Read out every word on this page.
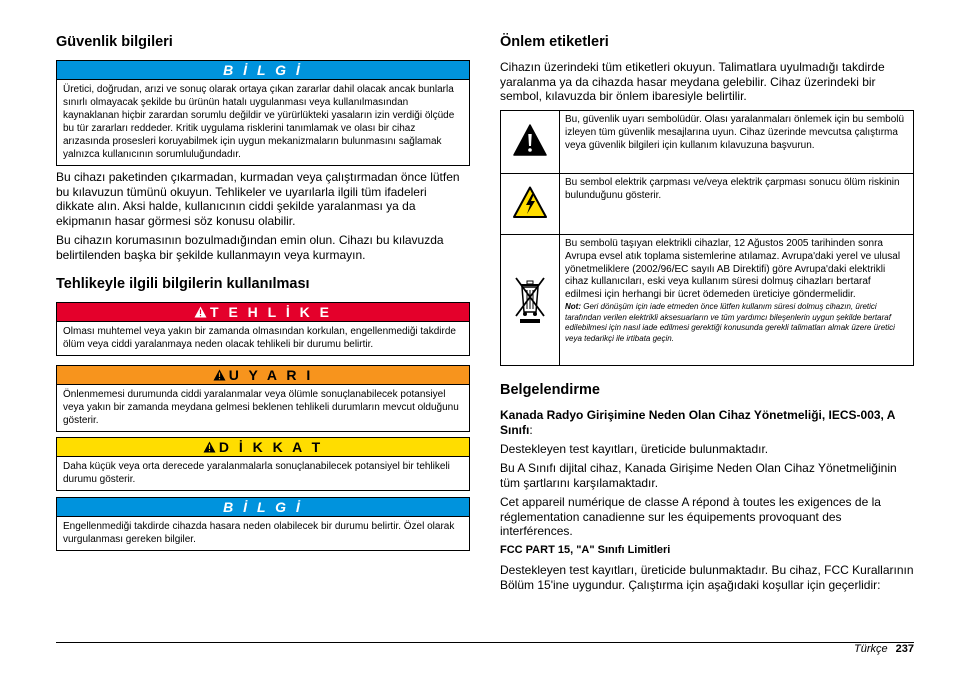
Güvenlik bilgileri
B İ L G İ
Üretici, doğrudan, arızi ve sonuç olarak ortaya çıkan zararlar dahil olacak ancak bunlarla sınırlı olmayacak şekilde bu ürünün hatalı uygulanması veya kullanılmasından kaynaklanan hiçbir zarardan sorumlu değildir ve yürürlükteki yasaların izin verdiği ölçüde bu tür zararları reddeder. Kritik uygulama risklerini tanımlamak ve olası bir cihaz arızasında prosesleri koruyabilmek için uygun mekanizmaların bulunmasını sağlamak yalnızca kullanıcının sorumluluğundadır.

Bu cihazı paketinden çıkarmadan, kurmadan veya çalıştırmadan önce lütfen bu kılavuzun tümünü okuyun. Tehlikeler ve uyarılarla ilgili tüm ifadeleri dikkate alın. Aksi halde, kullanıcının ciddi şekilde yaralanması ya da ekipmanın hasar görmesi söz konusu olabilir.

Bu cihazın korumasının bozulmadığından emin olun. Cihazı bu kılavuzda belirtilenden başka bir şekilde kullanmayın veya kurmayın.

Tehlikeyle ilgili bilgilerin kullanılması
T E H L İ K E
Olması muhtemel veya yakın bir zamanda olmasından korkulan, engellenmediği takdirde ölüm veya ciddi yaralanmaya neden olacak tehlikeli bir durumu belirtir.
U Y A R I
Önlenmemesi durumunda ciddi yaralanmalar veya ölümle sonuçlanabilecek potansiyel veya yakın bir zamanda meydana gelmesi beklenen tehlikeli durumların mevcut olduğunu gösterir.
D İ K K A T
Daha küçük veya orta derecede yaralanmalarla sonuçlanabilecek potansiyel bir tehlikeli durumu gösterir.
B İ L G İ
Engellenmediği takdirde cihazda hasara neden olabilecek bir durumu belirtir. Özel olarak vurgulanması gereken bilgiler.
Önlem etiketleri

Cihazın üzerindeki tüm etiketleri okuyun. Talimatlara uyulmadığı takdirde yaralanma ya da cihazda hasar meydana gelebilir. Cihaz üzerindeki bir sembol, kılavuzda bir önlem ibaresiyle belirtilir.

	Bu, güvenlik uyarı sembolüdür. Olası yaralanmaları önlemek için bu sembolü izleyen tüm güvenlik mesajlarına uyun. Cihaz üzerinde mevcutsa çalıştırma veya güvenlik bilgileri için kullanım kılavuzuna başvurun.
	Bu sembol elektrik çarpması ve/veya elektrik çarpması sonucu ölüm riskinin bulunduğunu gösterir.

Bu sembolü taşıyan elektrikli cihazlar, 12 Ağustos 2005 tarihinden sonra Avrupa evsel atık toplama sistemlerine atılamaz. Avrupa'daki yerel ve ulusal yönetmeliklere (2002/96/EC sayılı AB Direktifi) göre Avrupa'daki elektrikli cihaz kullanıcıları, eski veya kullanım süresi dolmuş cihazları bertaraf edilmesi için herhangi bir ücret ödemeden üreticiye göndermelidir.
Not: Geri dönüşüm için iade etmeden önce lütfen kullanım süresi dolmuş cihazın, üretici tarafından verilen elektrikli aksesuarların ve tüm yardımcı bileşenlerin uygun şekilde bertaraf edilebilmesi için nasıl iade edilmesi gerektiği konusunda gerekli talimatları almak üzere üretici veya tedarikçi ile irtibata geçin.
Belgelendirme

Kanada Radyo Girişimine Neden Olan Cihaz Yönetmeliği, IECS-003, A Sınıfı:

Destekleyen test kayıtları, üreticide bulunmaktadır.

Bu A Sınıfı dijital cihaz, Kanada Girişime Neden Olan Cihaz Yönetmeliğinin tüm şartlarını karşılamaktadır.

Cet appareil numérique de classe A répond à toutes les exigences de la réglementation canadienne sur les équipements provoquant des interférences.

FCC PART 15, "A" Sınıfı Limitleri

Destekleyen test kayıtları, üreticide bulunmaktadır. Bu cihaz, FCC Kurallarının Bölüm 15'ine uygundur. Çalıştırma için aşağıdaki koşullar için geçerlidir:

Türkçe 237
